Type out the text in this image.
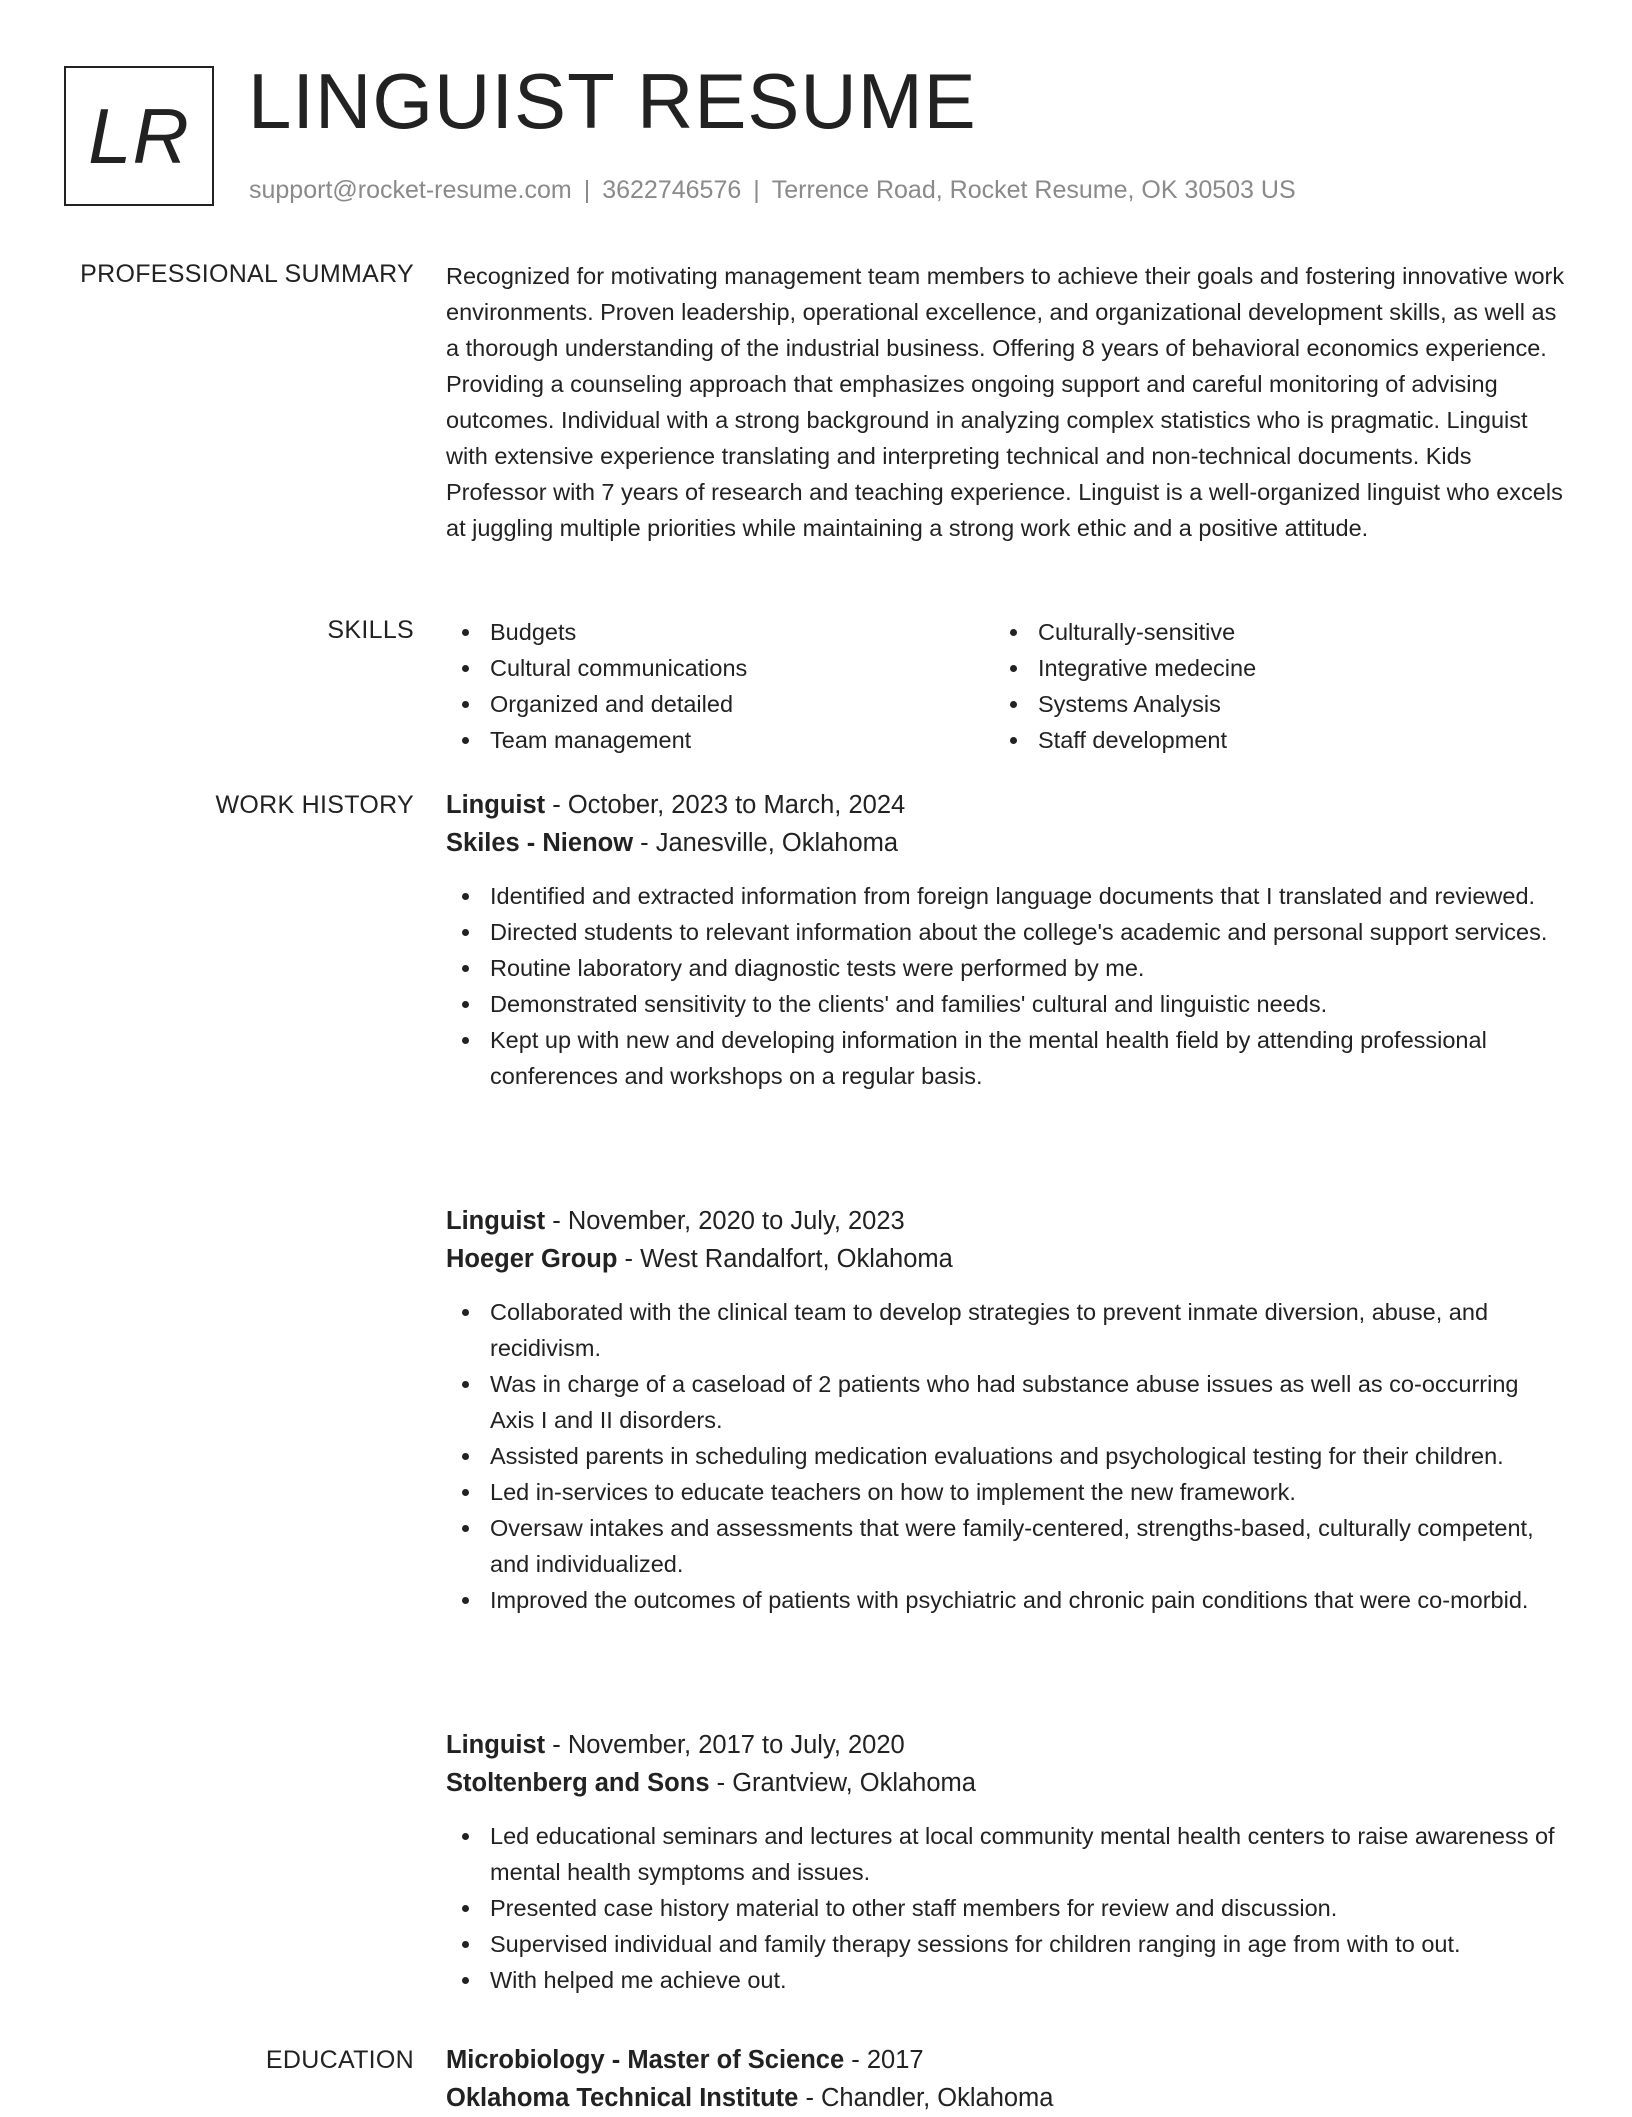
LR LINGUIST RESUME
support@rocket-resume.com | 3622746576 | Terrence Road, Rocket Resume, OK 30503 US
PROFESSIONAL SUMMARY Recognized for motivating management team members to achieve their goals and fostering innovative work environments. Proven leadership, operational excellence, and organizational development skills, as well as a thorough understanding of the industrial business. Offering 8 years of behavioral economics experience. Providing a counseling approach that emphasizes ongoing support and careful monitoring of advising outcomes. Individual with a strong background in analyzing complex statistics who is pragmatic. Linguist with extensive experience translating and interpreting technical and non-technical documents. Kids Professor with 7 years of research and teaching experience. Linguist is a well-organized linguist who excels at juggling multiple priorities while maintaining a strong work ethic and a positive attitude.

SKILLS	Budgets
Cultural communications
Organized and detailed
Team management
Culturally-sensitive
Integrative medecine
Systems Analysis
Staff development
WORK HISTORY Linguist - October, 2023 to March, 2024
Skiles - Nienow - Janesville, Oklahoma
Identified and extracted information from foreign language documents that I translated and reviewed.
Directed students to relevant information about the college's academic and personal support services.
Routine laboratory and diagnostic tests were performed by me.
Demonstrated sensitivity to the clients' and families' cultural and linguistic needs.
Kept up with new and developing information in the mental health field by attending professional conferences and workshops on a regular basis.
Linguist - November, 2020 to July, 2023
Hoeger Group - West Randalfort, Oklahoma
Collaborated with the clinical team to develop strategies to prevent inmate diversion, abuse, and recidivism.
Was in charge of a caseload of 2 patients who had substance abuse issues as well as co-occurring Axis I and II disorders.
Assisted parents in scheduling medication evaluations and psychological testing for their children.
Led in-services to educate teachers on how to implement the new framework.
Oversaw intakes and assessments that were family-centered, strengths-based, culturally competent, and individualized.
Improved the outcomes of patients with psychiatric and chronic pain conditions that were co-morbid.
Linguist - November, 2017 to July, 2020
Stoltenberg and Sons - Grantview, Oklahoma
Led educational seminars and lectures at local community mental health centers to raise awareness of mental health symptoms and issues.
Presented case history material to other staff members for review and discussion.
Supervised individual and family therapy sessions for children ranging in age from with to out.
With helped me achieve out.
EDUCATION Microbiology - Master of Science - 2017
Oklahoma Technical Institute - Chandler, Oklahoma
